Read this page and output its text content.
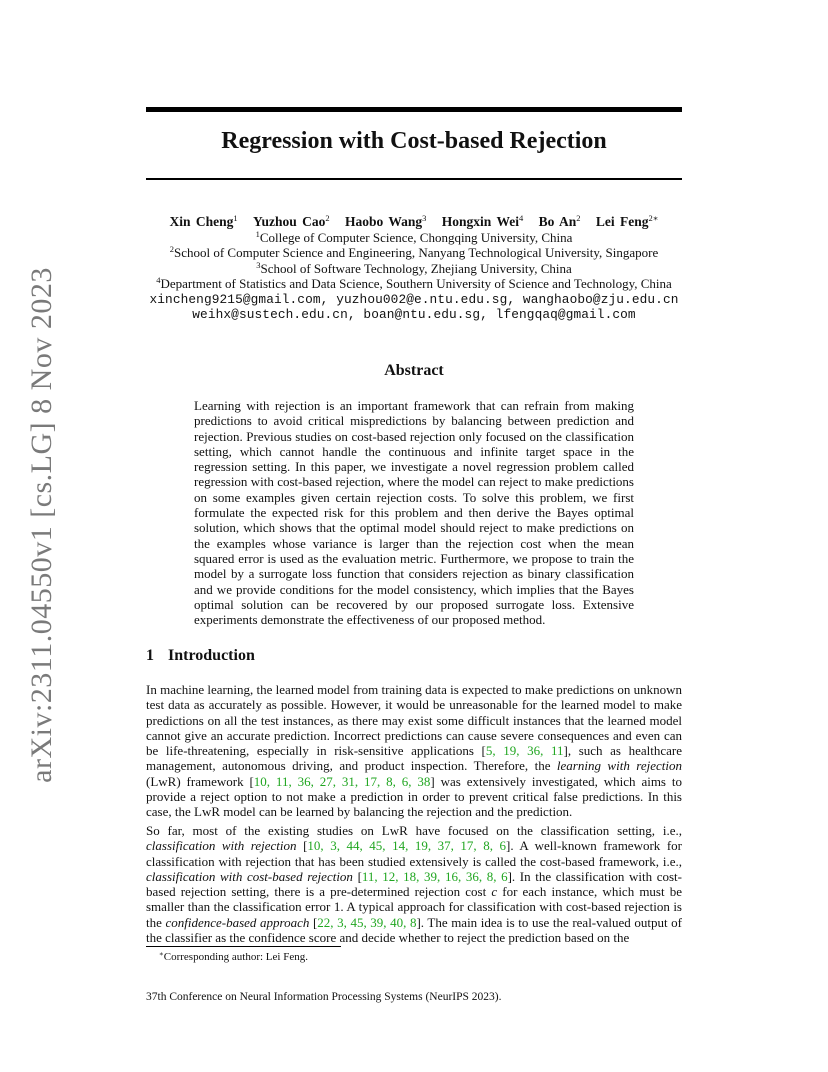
arXiv:2311.04550v1 [cs.LG] 8 Nov 2023
Regression with Cost-based Rejection
Xin Cheng$^1$ Yuzhou Cao$^2$ Haobo Wang$^3$ Hongxin Wei$^4$ Bo An$^2$ Lei Feng$^{2∗}$
$^1$College of Computer Science, Chongqing University, China
$^2$School of Computer Science and Engineering, Nanyang Technological University, Singapore
$^3$School of Software Technology, Zhejiang University, China
$^4$Department of Statistics and Data Science, Southern University of Science and Technology, China
xincheng9215@gmail.com, yuzhou002@e.ntu.edu.sg, wanghaobo@zju.edu.cn
weihx@sustech.edu.cn, boan@ntu.edu.sg, lfengqaq@gmail.com
Abstract
Learning with rejection is an important framework that can refrain from making predictions to avoid critical mispredictions by balancing between prediction and rejection. Previous studies on cost-based rejection only focused on the classification setting, which cannot handle the continuous and infinite target space in the regression setting. In this paper, we investigate a novel regression problem called regression with cost-based rejection, where the model can reject to make predictions on some examples given certain rejection costs. To solve this problem, we first formulate the expected risk for this problem and then derive the Bayes optimal solution, which shows that the optimal model should reject to make predictions on the examples whose variance is larger than the rejection cost when the mean squared error is used as the evaluation metric. Furthermore, we propose to train the model by a surrogate loss function that considers rejection as binary classification and we provide conditions for the model consistency, which implies that the Bayes optimal solution can be recovered by our proposed surrogate loss. Extensive experiments demonstrate the effectiveness of our proposed method.
1 Introduction
In machine learning, the learned model from training data is expected to make predictions on unknown test data as accurately as possible. However, it would be unreasonable for the learned model to make predictions on all the test instances, as there may exist some difficult instances that the learned model cannot give an accurate prediction. Incorrect predictions can cause severe consequences and even can be life-threatening, especially in risk-sensitive applications [5, 19, 36, 11], such as healthcare management, autonomous driving, and product inspection. Therefore, the learning with rejection (LwR) framework [10, 11, 36, 27, 31, 17, 8, 6, 38] was extensively investigated, which aims to provide a reject option to not make a prediction in order to prevent critical false predictions. In this case, the LwR model can be learned by balancing the rejection and the prediction.
So far, most of the existing studies on LwR have focused on the classification setting, i.e., classification with rejection [10, 3, 44, 45, 14, 19, 37, 17, 8, 6]. A well-known framework for classification with rejection that has been studied extensively is called the cost-based framework, i.e., classification with cost-based rejection [11, 12, 18, 39, 16, 36, 8, 6]. In the classification with cost-based rejection setting, there is a pre-determined rejection cost c for each instance, which must be smaller than the classification error 1. A typical approach for classification with cost-based rejection is the confidence-based approach [22, 3, 45, 39, 40, 8]. The main idea is to use the real-valued output of the classifier as the confidence score and decide whether to reject the prediction based on the
∗Corresponding author: Lei Feng.
37th Conference on Neural Information Processing Systems (NeurIPS 2023).
